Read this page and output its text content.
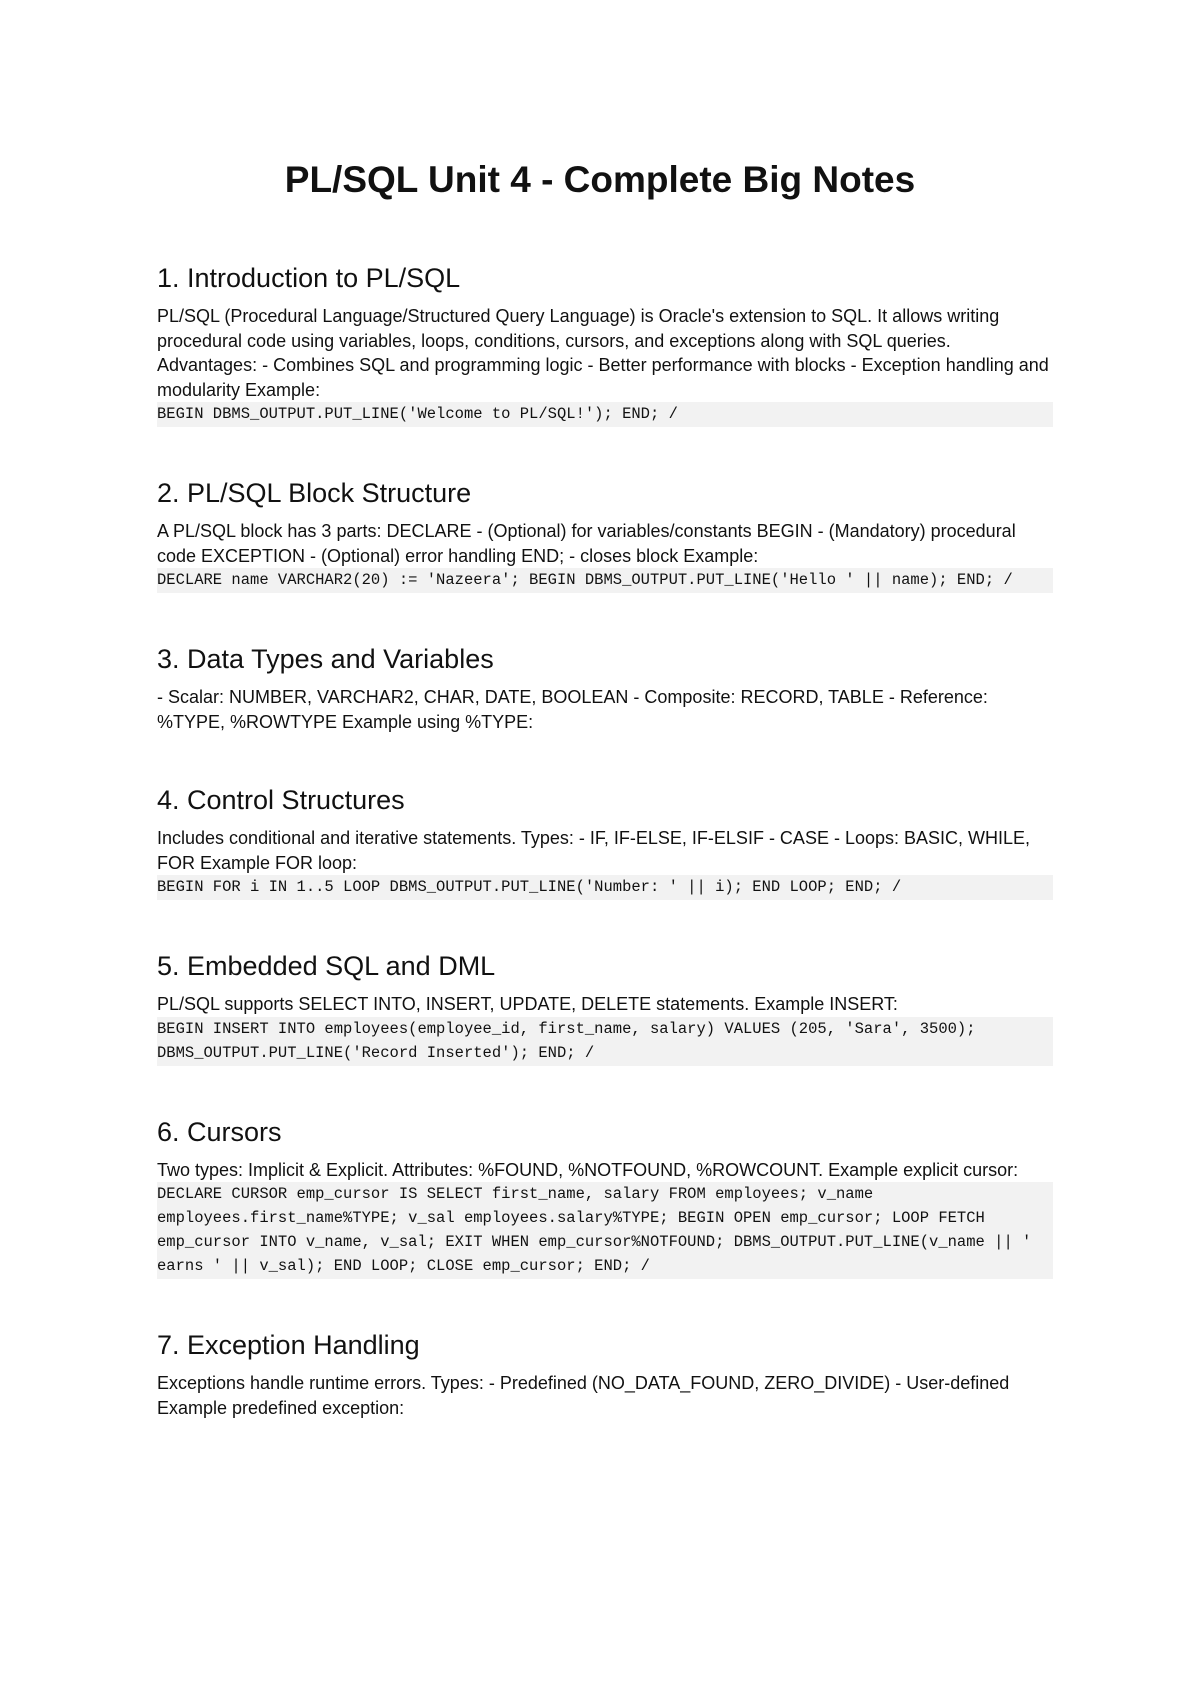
PL/SQL Unit 4 - Complete Big Notes
1. Introduction to PL/SQL

PL/SQL (Procedural Language/Structured Query Language) is Oracle's extension to SQL. It allows writing procedural code using variables, loops, conditions, cursors, and exceptions along with SQL queries. Advantages: - Combines SQL and programming logic - Better performance with blocks - Exception handling and modularity Example:

BEGIN DBMS_OUTPUT.PUT_LINE('Welcome to PL/SQL!'); END; /
2. PL/SQL Block Structure

A PL/SQL block has 3 parts: DECLARE - (Optional) for variables/constants BEGIN - (Mandatory) procedural code EXCEPTION - (Optional) error handling END; - closes block Example:

DECLARE name VARCHAR2(20) := 'Nazeera'; BEGIN DBMS_OUTPUT.PUT_LINE('Hello ' || name); END; /
3. Data Types and Variables

- Scalar: NUMBER, VARCHAR2, CHAR, DATE, BOOLEAN - Composite: RECORD, TABLE - Reference: %TYPE, %ROWTYPE Example using %TYPE:

4. Control Structures

Includes conditional and iterative statements. Types: - IF, IF-ELSE, IF-ELSIF - CASE - Loops: BASIC, WHILE, FOR Example FOR loop:

BEGIN FOR i IN 1..5 LOOP DBMS_OUTPUT.PUT_LINE('Number: ' || i); END LOOP; END; /
5. Embedded SQL and DML

PL/SQL supports SELECT INTO, INSERT, UPDATE, DELETE statements. Example INSERT:

BEGIN INSERT INTO employees(employee_id, first_name, salary) VALUES (205, 'Sara', 3500); DBMS_OUTPUT.PUT_LINE('Record Inserted'); END; /
6. Cursors

Two types: Implicit & Explicit. Attributes: %FOUND, %NOTFOUND, %ROWCOUNT. Example explicit cursor:

DECLARE CURSOR emp_cursor IS SELECT first_name, salary FROM employees; v_name employees.first_name%TYPE; v_sal employees.salary%TYPE; BEGIN OPEN emp_cursor; LOOP FETCH emp_cursor INTO v_name, v_sal; EXIT WHEN emp_cursor%NOTFOUND; DBMS_OUTPUT.PUT_LINE(v_name || ' earns ' || v_sal); END LOOP; CLOSE emp_cursor; END; /
7. Exception Handling

Exceptions handle runtime errors. Types: - Predefined (NO_DATA_FOUND, ZERO_DIVIDE) - User-defined Example predefined exception:
